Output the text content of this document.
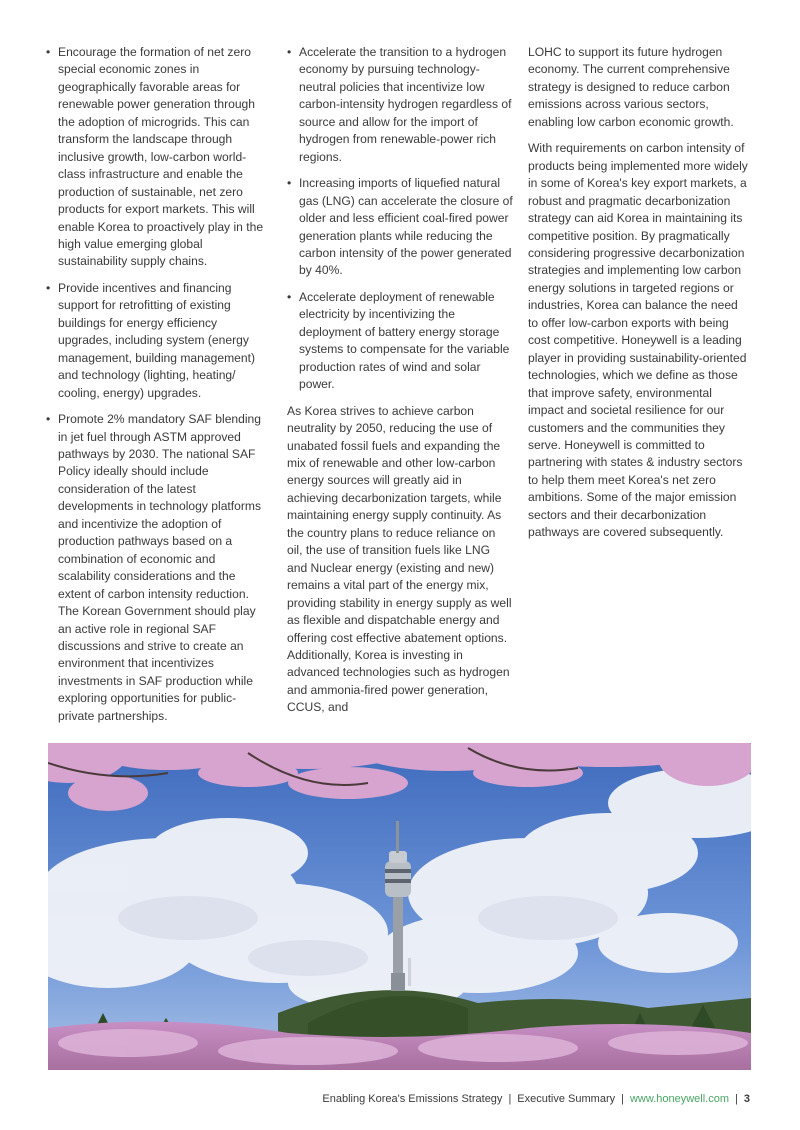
• Encourage the formation of net zero special economic zones in geographically favorable areas for renewable power generation through the adoption of microgrids. This can transform the landscape through inclusive growth, low-carbon world-class infrastructure and enable the production of sustainable, net zero products for export markets. This will enable Korea to proactively play in the high value emerging global sustainability supply chains.
• Provide incentives and financing support for retrofitting of existing buildings for energy efficiency upgrades, including system (energy management, building management) and technology (lighting, heating/ cooling, energy) upgrades.
• Promote 2% mandatory SAF blending in jet fuel through ASTM approved pathways by 2030. The national SAF Policy ideally should include consideration of the latest developments in technology platforms and incentivize the adoption of production pathways based on a combination of economic and scalability considerations and the extent of carbon intensity reduction. The Korean Government should play an active role in regional SAF discussions and strive to create an environment that incentivizes investments in SAF production while exploring opportunities for public-private partnerships.
• Accelerate the transition to a hydrogen economy by pursuing technology-neutral policies that incentivize low carbon-intensity hydrogen regardless of source and allow for the import of hydrogen from renewable-power rich regions.
• Increasing imports of liquefied natural gas (LNG) can accelerate the closure of older and less efficient coal-fired power generation plants while reducing the carbon intensity of the power generated by 40%.
• Accelerate deployment of renewable electricity by incentivizing the deployment of battery energy storage systems to compensate for the variable production rates of wind and solar power.

As Korea strives to achieve carbon neutrality by 2050, reducing the use of unabated fossil fuels and expanding the mix of renewable and other low-carbon energy sources will greatly aid in achieving decarbonization targets, while maintaining energy supply continuity. As the country plans to reduce reliance on oil, the use of transition fuels like LNG and Nuclear energy (existing and new) remains a vital part of the energy mix, providing stability in energy supply as well as flexible and dispatchable energy and offering cost effective abatement options. Additionally, Korea is investing in advanced technologies such as hydrogen and ammonia-fired power generation, CCUS, and

LOHC to support its future hydrogen economy. The current comprehensive strategy is designed to reduce carbon emissions across various sectors, enabling low carbon economic growth.

With requirements on carbon intensity of products being implemented more widely in some of Korea's key export markets, a robust and pragmatic decarbonization strategy can aid Korea in maintaining its competitive position. By pragmatically considering progressive decarbonization strategies and implementing low carbon energy solutions in targeted regions or industries, Korea can balance the need to offer low-carbon exports with being cost competitive. Honeywell is a leading player in providing sustainability-oriented technologies, which we define as those that improve safety, environmental impact and societal resilience for our customers and the communities they serve. Honeywell is committed to partnering with states & industry sectors to help them meet Korea's net zero ambitions. Some of the major emission sectors and their decarbonization pathways are covered subsequently.

Enabling Korea's Emissions Strategy | Executive Summary | www.honeywell.com | 3
